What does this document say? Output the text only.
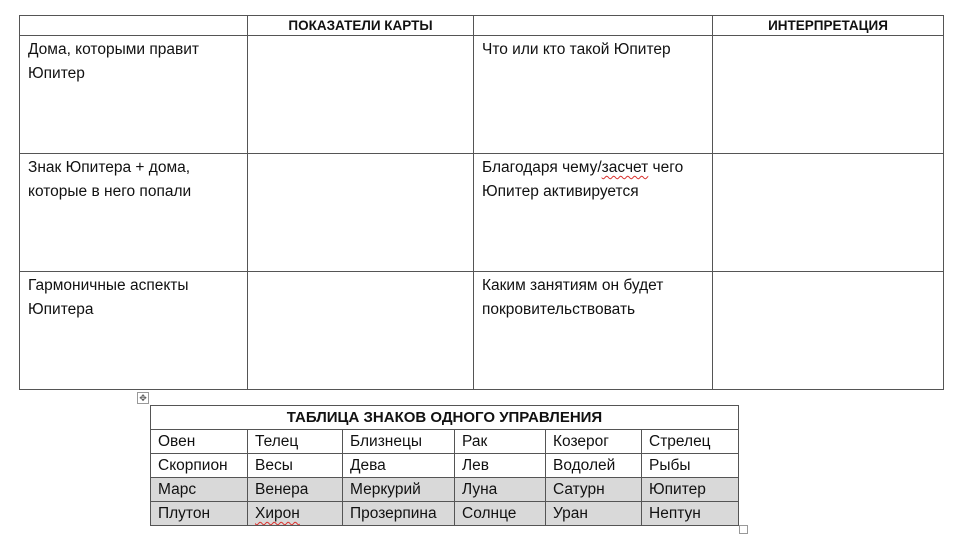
	ПОКАЗАТЕЛИ КАРТЫ		ИНТЕРПРЕТАЦИЯ
Дома, которыми правит Юпитер		Что или кто такой Юпитер	
Знак Юпитера + дома, которые в него попали		Благодаря чему/засчет чего Юпитер активируется	
Гармоничные аспекты Юпитера		Каким занятиям он будет покровительствовать	
✥
ТАБЛИЦА ЗНАКОВ ОДНОГО УПРАВЛЕНИЯ					
Овен	Телец	Близнецы	Рак	Козерог	Стрелец
Скорпион	Весы	Дева	Лев	Водолей	Рыбы
Марс	Венера	Меркурий	Луна	Сатурн	Юпитер
Плутон	Хирон	Прозерпина	Солнце	Уран	Нептун
